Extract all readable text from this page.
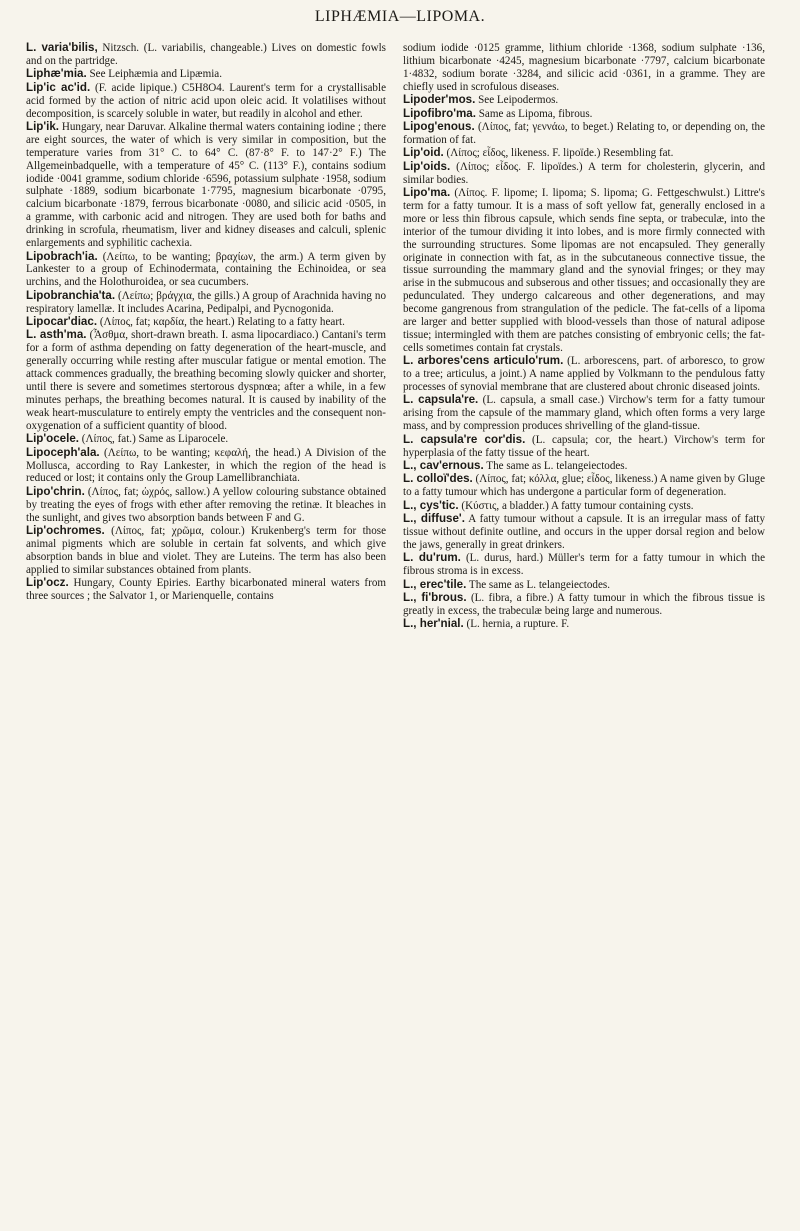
LIPHÆMIA—LIPOMA.

L. varia'bilis, Nitzsch. (L. variabilis, changeable.) Lives on domestic fowls and on the partridge.

Liphæ'mia. See Leiphæmia and Lipæmia.

Lip'ic ac'id. (F. acide lipique.) C5H8O4. Laurent's term for a crystallisable acid formed by the action of nitric acid upon oleic acid. It volatilises without decomposition, is scarcely soluble in water, but readily in alcohol and ether.

Lip'ik. Hungary, near Daruvar. Alkaline thermal waters containing iodine ; there are eight sources, the water of which is very similar in composition, but the temperature varies from 31° C. to 64° C. (87·8° F. to 147·2° F.) The Allgemeinbadquelle, with a temperature of 45° C. (113° F.), contains sodium iodide ·0041 gramme, sodium chloride ·6596, potassium sulphate ·1958, sodium sulphate ·1889, sodium bicarbonate 1·7795, magnesium bicarbonate ·0795, calcium bicarbonate ·1879, ferrous bicarbonate ·0080, and silicic acid ·0505, in a gramme, with carbonic acid and nitrogen. They are used both for baths and drinking in scrofula, rheumatism, liver and kidney diseases and calculi, splenic enlargements and syphilitic cachexia.

Lipobrach'ia. (Λείπω, to be wanting; βραχίων, the arm.) A term given by Lankester to a group of Echinodermata, containing the Echinoidea, or sea urchins, and the Holothuroidea, or sea cucumbers.

Lipobranchia'ta. (Λείπω; βράγχια, the gills.) A group of Arachnida having no respiratory lamellæ. It includes Acarina, Pedipalpi, and Pycnogonida.

Lipocar'diac. (Λίπος, fat; καρδία, the heart.) Relating to a fatty heart.

L. asth'ma. (Ἆσθμα, short-drawn breath. I. asma lipocardiaco.) Cantani's term for a form of asthma depending on fatty degeneration of the heart-muscle, and generally occurring while resting after muscular fatigue or mental emotion. The attack commences gradually, the breathing becoming slowly quicker and shorter, until there is severe and sometimes stertorous dyspnœa; after a while, in a few minutes perhaps, the breathing becomes natural. It is caused by inability of the weak heart-musculature to entirely empty the ventricles and the consequent non-oxygenation of a sufficient quantity of blood.

Lip'ocele. (Λίπος, fat.) Same as Liparocele.

Lipoceph'ala. (Λείπω, to be wanting; κεφαλή, the head.) A Division of the Mollusca, according to Ray Lankester, in which the region of the head is reduced or lost; it contains only the Group Lamellibranchiata.

Lipo'chrin. (Λίπος, fat; ὠχρός, sallow.) A yellow colouring substance obtained by treating the eyes of frogs with ether after removing the retinæ. It bleaches in the sunlight, and gives two absorption bands between F and G.

Lip'ochromes. (Λίπος, fat; χρῶμα, colour.) Krukenberg's term for those animal pigments which are soluble in certain fat solvents, and which give absorption bands in blue and violet. They are Luteins. The term has also been applied to similar substances obtained from plants.

Lip'ocz. Hungary, County Epiries. Earthy bicarbonated mineral waters from three sources ; the Salvator 1, or Marienquelle, contains

sodium iodide ·0125 gramme, lithium chloride ·1368, sodium sulphate ·136, lithium bicarbonate ·4245, magnesium bicarbonate ·7797, calcium bicarbonate 1·4832, sodium borate ·3284, and silicic acid ·0361, in a gramme. They are chiefly used in scrofulous diseases.

Lipoder'mos. See Leipodermos.

Lipofibro'ma. Same as Lipoma, fibrous.

Lipog'enous. (Λίπος, fat; γεννάω, to beget.) Relating to, or depending on, the formation of fat.

Lip'oid. (Λίπος; εἶδος, likeness. F. lipoïde.) Resembling fat.

Lip'oids. (Λίπος; εἶδος. F. lipoïdes.) A term for cholesterin, glycerin, and similar bodies.

Lipo'ma. (Λίπος. F. lipome; I. lipoma; S. lipoma; G. Fettgeschwulst.) Littre's term for a fatty tumour. It is a mass of soft yellow fat, generally enclosed in a more or less thin fibrous capsule, which sends fine septa, or trabeculæ, into the interior of the tumour dividing it into lobes, and is more firmly connected with the surrounding structures. Some lipomas are not encapsuled. They generally originate in connection with fat, as in the subcutaneous connective tissue, the tissue surrounding the mammary gland and the synovial fringes; or they may arise in the submucous and subserous and other tissues; and occasionally they are pedunculated. They undergo calcareous and other degenerations, and may become gangrenous from strangulation of the pedicle. The fat-cells of a lipoma are larger and better supplied with blood-vessels than those of natural adipose tissue; intermingled with them are patches consisting of embryonic cells; the fat-cells sometimes contain fat crystals.

L. arbores'cens articulo'rum. (L. arborescens, part. of arboresco, to grow to a tree; articulus, a joint.) A name applied by Volkmann to the pendulous fatty processes of synovial membrane that are clustered about chronic diseased joints.

L. capsula're. (L. capsula, a small case.) Virchow's term for a fatty tumour arising from the capsule of the mammary gland, which often forms a very large mass, and by compression produces shrivelling of the gland-tissue.

L. capsula're cor'dis. (L. capsula; cor, the heart.) Virchow's term for hyperplasia of the fatty tissue of the heart.

L., cav'ernous. The same as L. telangeiectodes.

L. colloï'des. (Λίπος, fat; κόλλα, glue; εἶδος, likeness.) A name given by Gluge to a fatty tumour which has undergone a particular form of degeneration.

L., cys'tic. (Κύστις, a bladder.) A fatty tumour containing cysts.

L., diffuse'. A fatty tumour without a capsule. It is an irregular mass of fatty tissue without definite outline, and occurs in the upper dorsal region and below the jaws, generally in great drinkers.

L. du'rum. (L. durus, hard.) Müller's term for a fatty tumour in which the fibrous stroma is in excess.

L., erec'tile. The same as L. telangeiectodes.

L., fi'brous. (L. fibra, a fibre.) A fatty tumour in which the fibrous tissue is greatly in excess, the trabeculæ being large and numerous.

L., her'nial. (L. hernia, a rupture. F.
